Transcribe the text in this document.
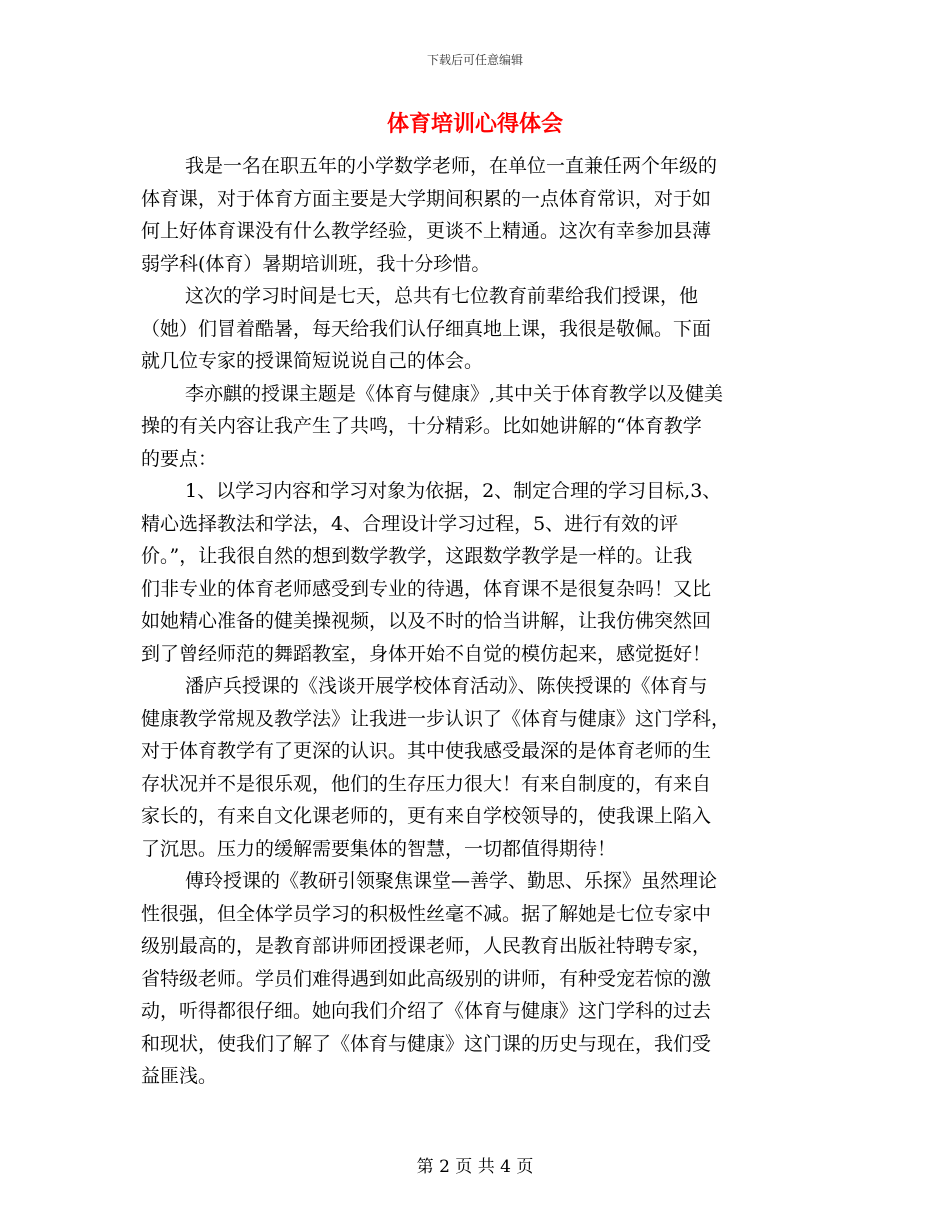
下载后可任意编辑
体育培训心得体会
我是一名在职五年的小学数学老师，在单位一直兼任两个年级的
体育课，对于体育方面主要是大学期间积累的一点体育常识，对于如
何上好体育课没有什么教学经验，更谈不上精通。这次有幸参加县薄
弱学科(体育）暑期培训班，我十分珍惜。
这次的学习时间是七天，总共有七位教育前辈给我们授课，他
（她）们冒着酷暑，每天给我们认仔细真地上课，我很是敬佩。下面
就几位专家的授课简短说说自己的体会。
李亦麒的授课主题是《体育与健康》,其中关于体育教学以及健美
操的有关内容让我产生了共鸣，十分精彩。比如她讲解的“体育教学
的要点：
1、以学习内容和学习对象为依据，2、制定合理的学习目标,3、
精心选择教法和学法，4、合理设计学习过程，5、进行有效的评
价。”，让我很自然的想到数学教学，这跟数学教学是一样的。让我
们非专业的体育老师感受到专业的待遇，体育课不是很复杂吗！又比
如她精心准备的健美操视频，以及不时的恰当讲解，让我仿佛突然回
到了曾经师范的舞蹈教室，身体开始不自觉的模仿起来，感觉挺好！
潘庐兵授课的《浅谈开展学校体育活动》、陈侠授课的《体育与
健康教学常规及教学法》让我进一步认识了《体育与健康》这门学科，
对于体育教学有了更深的认识。其中使我感受最深的是体育老师的生
存状况并不是很乐观，他们的生存压力很大！有来自制度的，有来自
家长的，有来自文化课老师的，更有来自学校领导的，使我课上陷入
了沉思。压力的缓解需要集体的智慧，一切都值得期待！
傅玲授课的《教研引领聚焦课堂—善学、勤思、乐探》虽然理论
性很强，但全体学员学习的积极性丝毫不减。据了解她是七位专家中
级别最高的，是教育部讲师团授课老师，人民教育出版社特聘专家，
省特级老师。学员们难得遇到如此高级别的讲师，有种受宠若惊的激
动，听得都很仔细。她向我们介绍了《体育与健康》这门学科的过去
和现状，使我们了解了《体育与健康》这门课的历史与现在，我们受
益匪浅。
第 2 页 共 4 页
